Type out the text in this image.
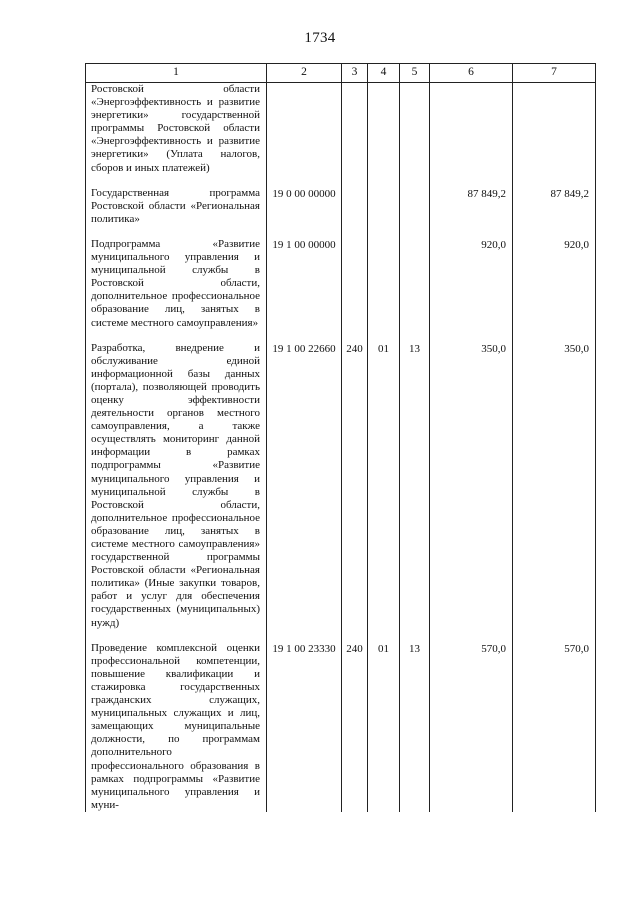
1734
1	2	3	4	5	6	7

Ростовской области «Энергоэффективность и развитие энергетики» государственной программы Ростовской области «Энергоэффективность и развитие энергетики» (Уплата налогов, сборов и иных платежей)						

Государственная программа Ростовской области «Региональная политика»	19 0 00 00000				87 849,2	87 849,2

Подпрограмма «Развитие муниципального управления и муниципальной службы в Ростовской области, дополнительное профессиональное образование лиц, занятых в системе местного самоуправления»	19 1 00 00000				920,0	920,0

Разработка, внедрение и обслуживание единой информационной базы данных (портала), позволяющей проводить оценку эффективности деятельности органов местного самоуправления, а также осуществлять мониторинг данной информации в рамках подпрограммы «Развитие муниципального управления и муниципальной службы в Ростовской области, дополнительное профессиональное образование лиц, занятых в системе местного самоуправления» государственной программы Ростовской области «Региональная политика» (Иные закупки товаров, работ и услуг для обеспечения государственных (муниципальных) нужд)	19 1 00 22660	240	01	13	350,0	350,0

Проведение комплексной оценки профессиональной компетенции, повышение квалификации и стажировка государственных гражданских служащих, муниципальных служащих и лиц, замещающих муниципальные должности, по программам дополнительного профессионального образования в рамках подпрограммы «Развитие муниципального управления и муни-	19 1 00 23330	240	01	13	570,0	570,0
